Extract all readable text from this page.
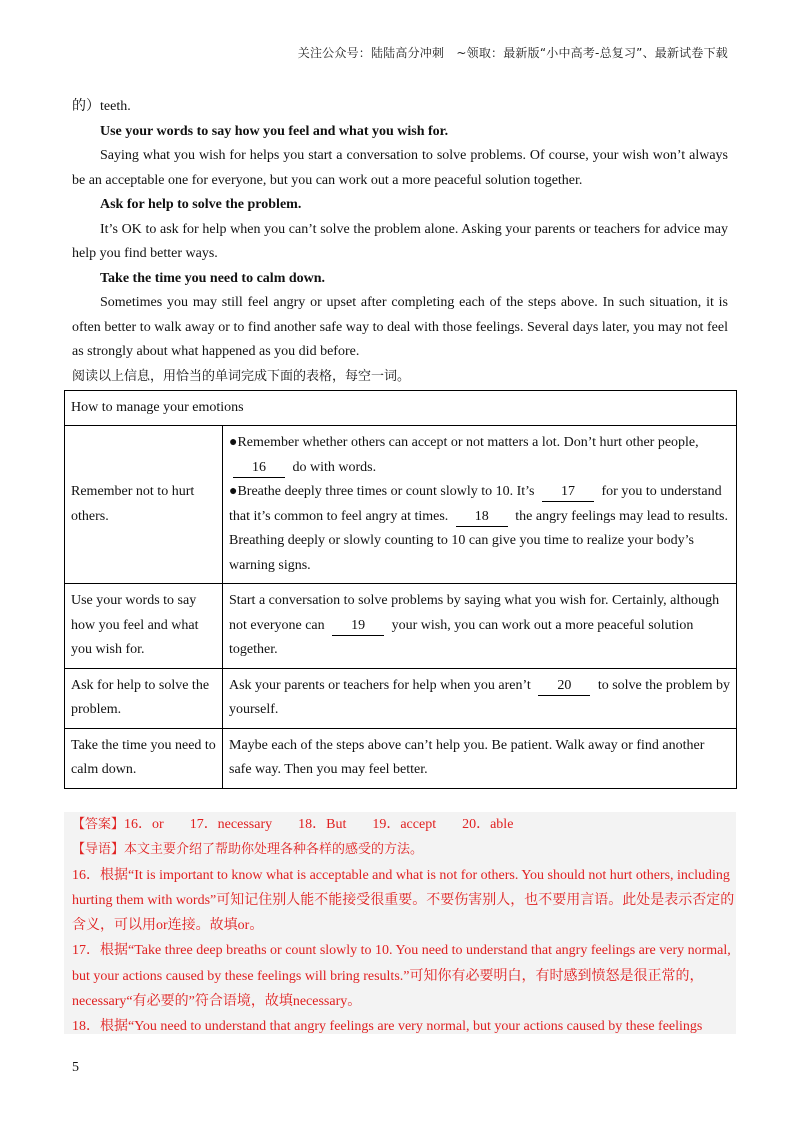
关注公众号：陆陆高分冲刺　~领取：最新版“小中高考-总复习”、最新试卷下载

的）teeth.

Use your words to say how you feel and what you wish for.

Saying what you wish for helps you start a conversation to solve problems. Of course, your wish won’t always be an acceptable one for everyone, but you can work out a more peaceful solution together.

Ask for help to solve the problem.

It’s OK to ask for help when you can’t solve the problem alone. Asking your parents or teachers for advice may help you find better ways.

Take the time you need to calm down.

Sometimes you may still feel angry or upset after completing each of the steps above. In such situation, it is often better to walk away or to find another safe way to deal with those feelings. Several days later, you may not feel as strongly about what happened as you did before.

阅读以上信息，用恰当的单词完成下面的表格，每空一词。

How to manage your emotions	
Remember not to hurt others.	●Remember whether others can accept or not matters a lot. Don’t hurt other people, 16 do with words.
●Breathe deeply three times or count slowly to 10. It’s 17 for you to understand that it’s common to feel angry at times. 18 the angry feelings may lead to results. Breathing deeply or slowly counting to 10 can give you time to realize your body’s warning signs.
Use your words to say how you feel and what you wish for.	Start a conversation to solve problems by saying what you wish for. Certainly, although not everyone can 19 your wish, you can work out a more peaceful solution together.
Ask for help to solve the problem.	Ask your parents or teachers for help when you aren’t 20 to solve the problem by yourself.
Take the time you need to calm down.	Maybe each of the steps above can’t help you. Be patient. Walk away or find another safe way. Then you may feel better.

【答案】16．or 17．necessary 18．But 19．accept 20．able

【导语】本文主要介绍了帮助你处理各种各样的感受的方法。

16．根据“It is important to know what is acceptable and what is not for others. You should not hurt others, including hurting them with words”可知记住别人能不能接受很重要。不要伤害别人，也不要用言语。此处是表示否定的含义，可以用or连接。故填or。

17．根据“Take three deep breaths or count slowly to 10. You need to understand that angry feelings are very normal, but your actions caused by these feelings will bring results.”可知你有必要明白，有时感到愤怒是很正常的，necessary“有必要的”符合语境，故填necessary。

18．根据“You need to understand that angry feelings are very normal, but your actions caused by these feelings

5
